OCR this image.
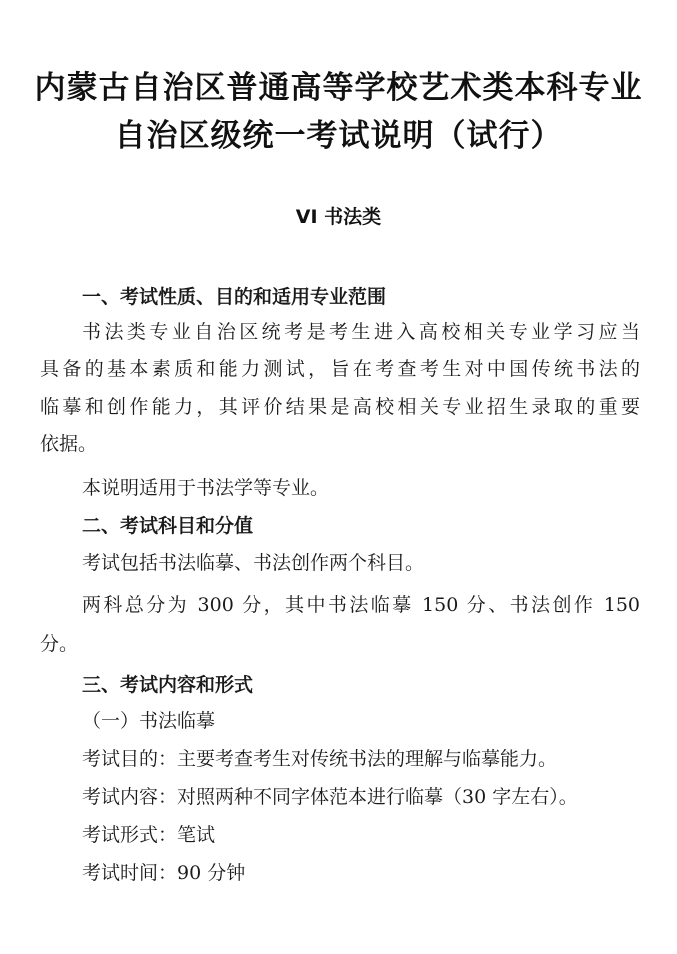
内蒙古自治区普通高等学校艺术类本科专业
自治区级统一考试说明（试行）
VI 书法类
一、考试性质、目的和适用专业范围
书法类专业自治区统考是考生进入高校相关专业学习应当
具备的基本素质和能力测试，旨在考查考生对中国传统书法的
临摹和创作能力，其评价结果是高校相关专业招生录取的重要
依据。
本说明适用于书法学等专业。
二、考试科目和分值
考试包括书法临摹、书法创作两个科目。
两科总分为 300 分，其中书法临摹 150 分、书法创作 150
分。
三、考试内容和形式
（一）书法临摹
考试目的：主要考查考生对传统书法的理解与临摹能力。
考试内容：对照两种不同字体范本进行临摹（30 字左右）。
考试形式：笔试
考试时间：90 分钟
